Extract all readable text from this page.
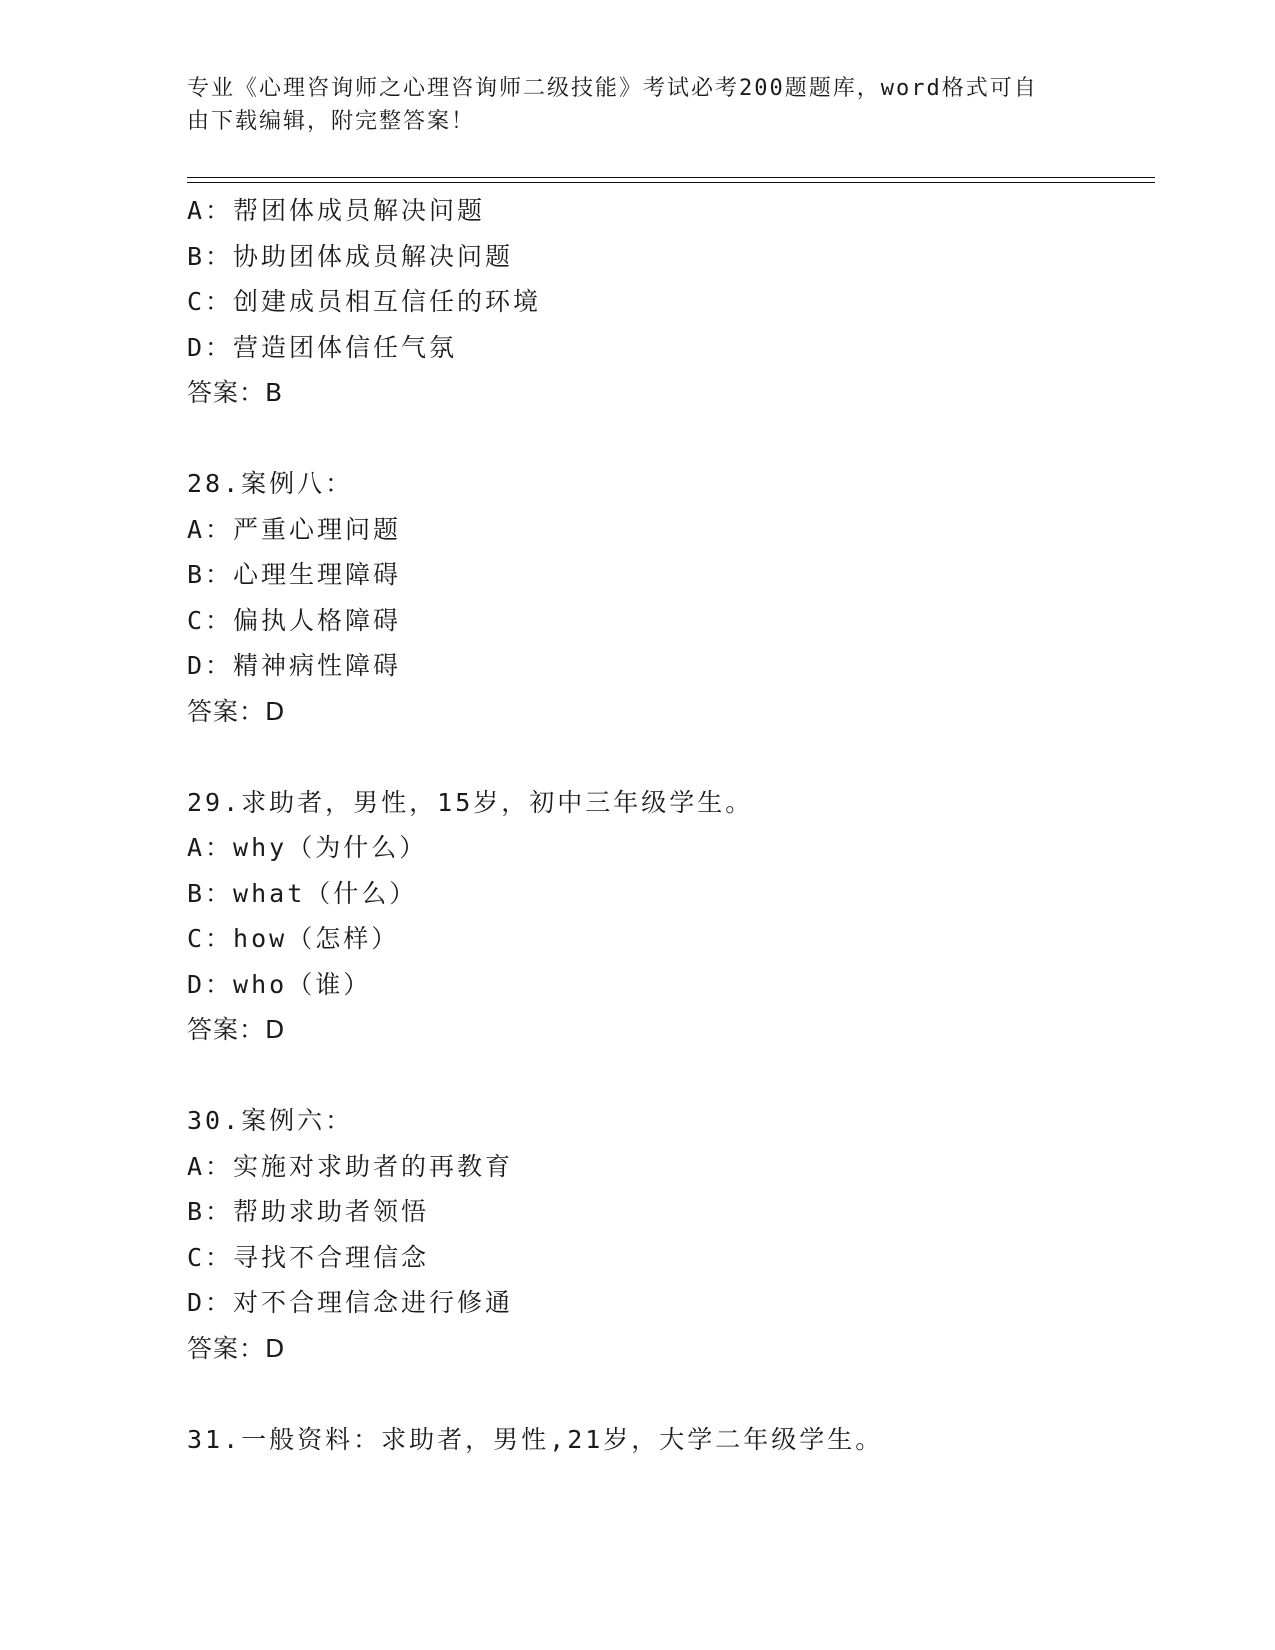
专业《心理咨询师之心理咨询师二级技能》考试必考200题题库，word格式可自
由下载编辑，附完整答案！
A：帮团体成员解决问题
B：协助团体成员解决问题
C：创建成员相互信任的环境
D：营造团体信任气氛
答案：B
28.案例八：
A：严重心理问题
B：心理生理障碍
C：偏执人格障碍
D：精神病性障碍
答案：D
29.求助者，男性，15岁，初中三年级学生。
A：why（为什么）
B：what（什么）
C：how（怎样）
D：who（谁）
答案：D
30.案例六：
A：实施对求助者的再教育
B：帮助求助者领悟
C：寻找不合理信念
D：对不合理信念进行修通
答案：D
31.一般资料：求助者，男性,21岁，大学二年级学生。
